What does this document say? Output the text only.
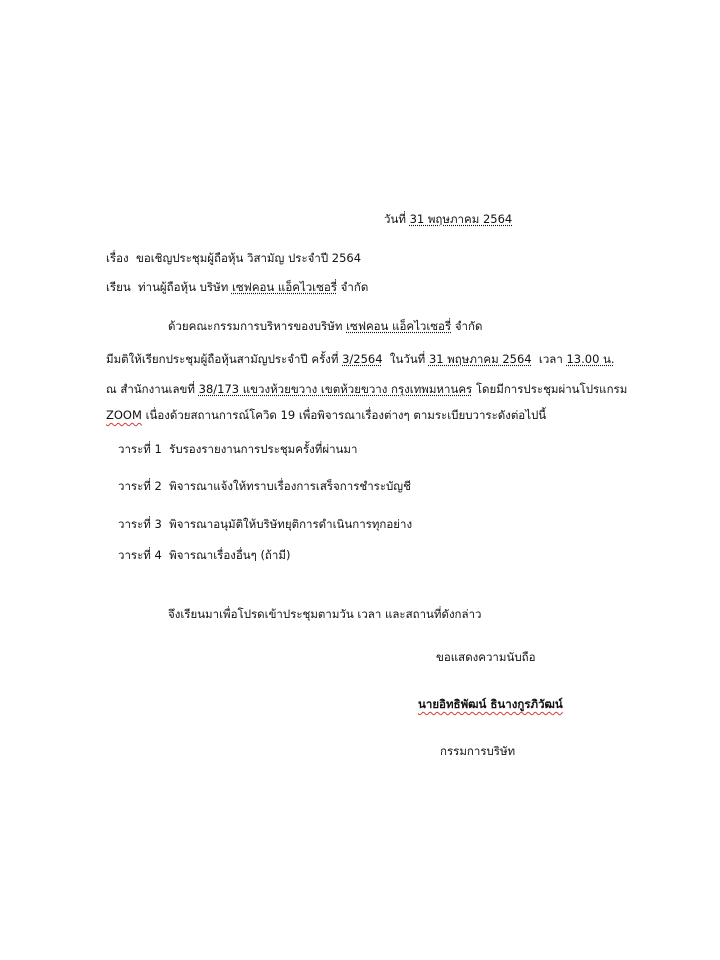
วันที่ 31 พฤษภาคม 2564
เรื่อง ขอเชิญประชุมผู้ถือหุ้น วิสามัญ ประจำปี 2564
เรียน ท่านผู้ถือหุ้น บริษัท เซฟคอน แอ็คไวเซอรี่ จำกัด
ด้วยคณะกรรมการบริหารของบริษัท เซฟคอน แอ็คไวเซอรี่ จำกัด
มีมติให้เรียกประชุมผู้ถือหุ้นสามัญประจำปี ครั้งที่ 3/2564 ในวันที่ 31 พฤษภาคม 2564 เวลา 13.00 น.
ณ สำนักงานเลขที่ 38/173 แขวงห้วยขวาง เขตห้วยขวาง กรุงเทพมหานคร โดยมีการประชุมผ่านโปรแกรม
ZOOM เนื่องด้วยสถานการณ์โควิด 19 เพื่อพิจารณาเรื่องต่างๆ ตามระเบียบวาระดังต่อไปนี้
วาระที่ 1 รับรองรายงานการประชุมครั้งที่ผ่านมา
วาระที่ 2 พิจารณาแจ้งให้ทราบเรื่องการเสร็จการชำระบัญชี
วาระที่ 3 พิจารณาอนุมัติให้บริษัทยุติการดำเนินการทุกอย่าง
วาระที่ 4 พิจารณาเรื่องอื่นๆ (ถ้ามี)
จึงเรียนมาเพื่อโปรดเข้าประชุมตามวัน เวลา และสถานที่ดังกล่าว
ขอแสดงความนับถือ
นายอิทธิพัฒน์ ธินางกูรภิวัฒน์
กรรมการบริษัท
